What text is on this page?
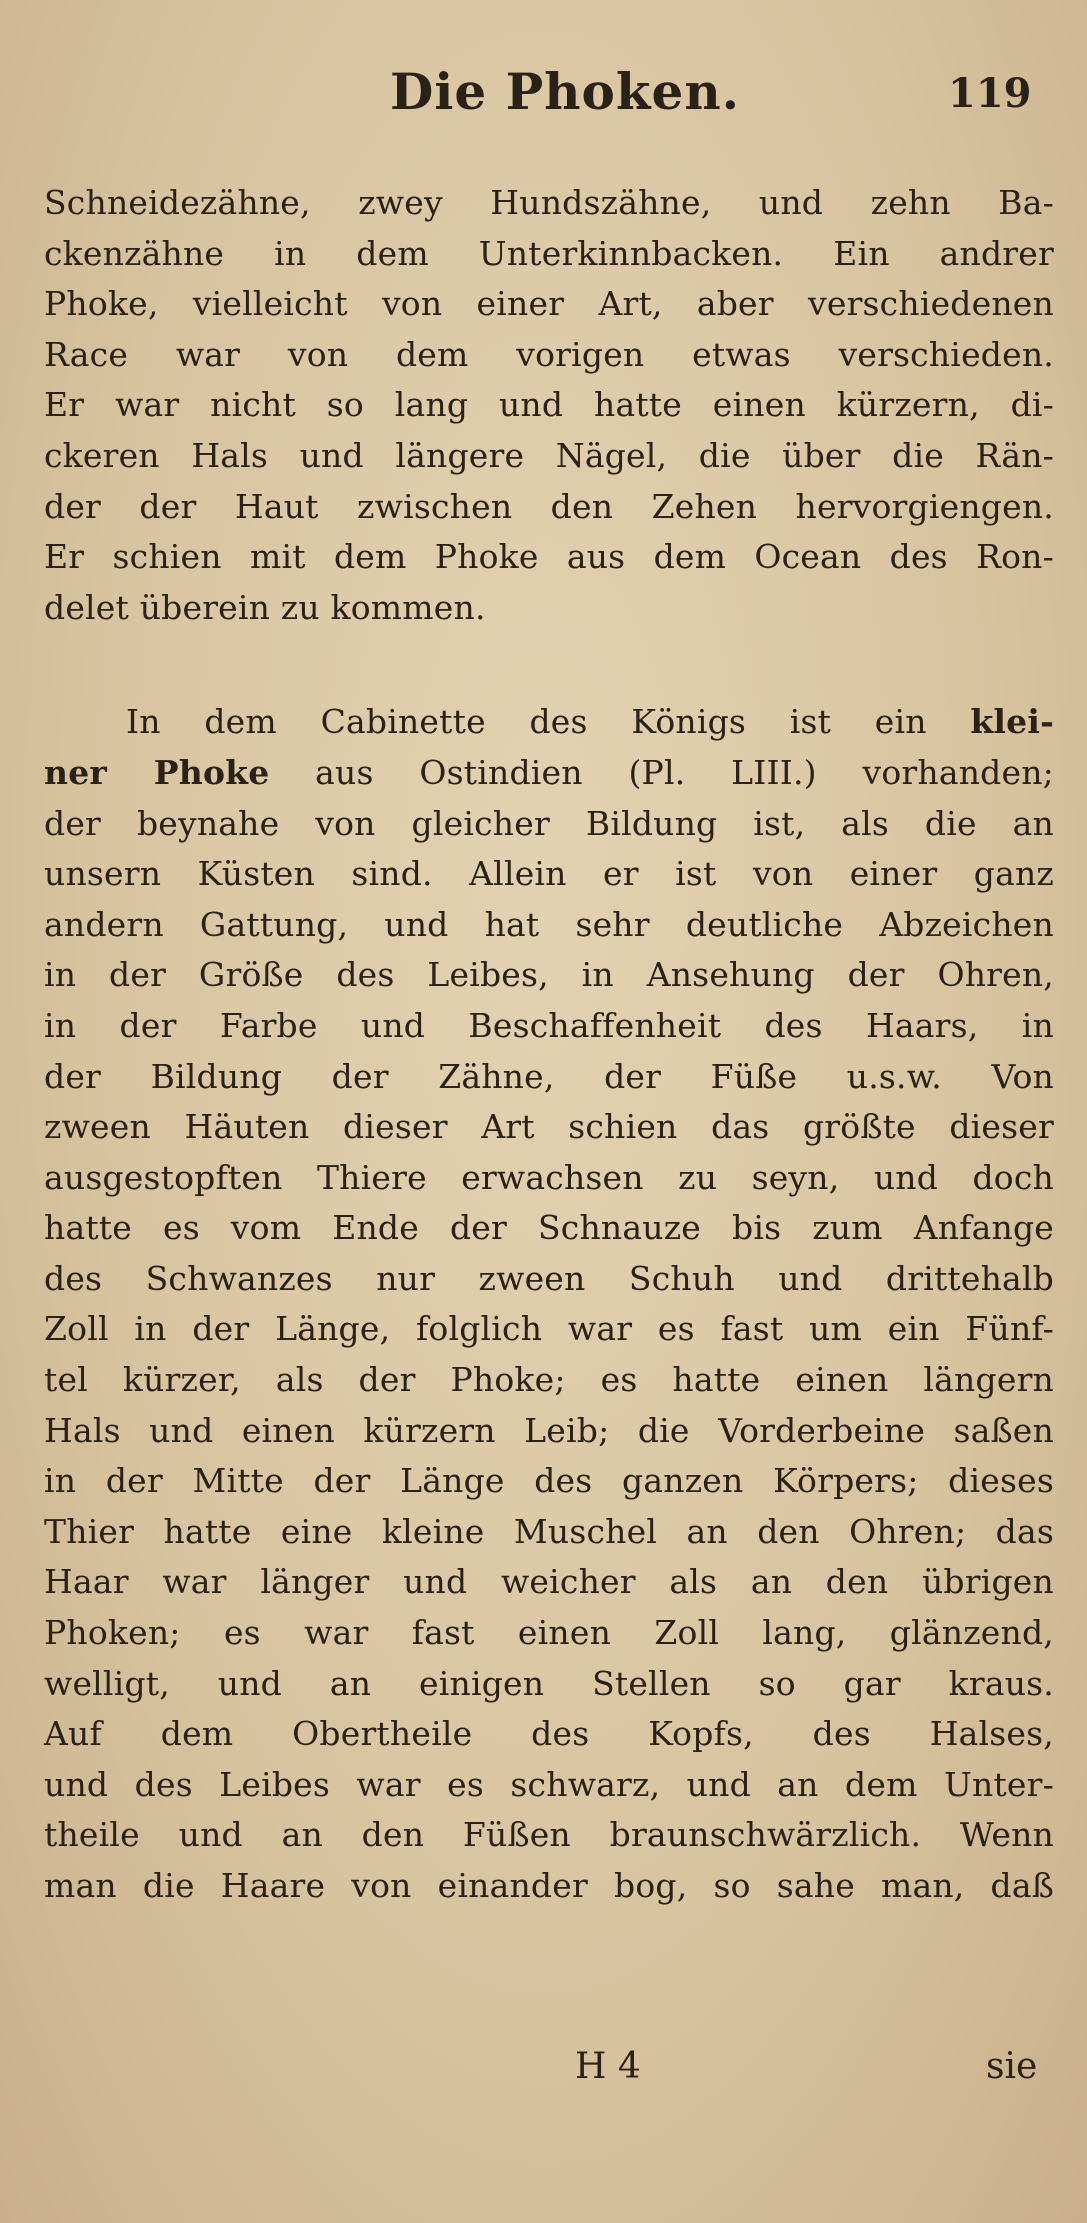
Die Phoken.	119
Schneidezähne, zwey Hundszähne, und zehn Ba-
ckenzähne in dem Unterkinnbacken. Ein andrer
Phoke, vielleicht von einer Art, aber verschiedenen
Race war von dem vorigen etwas verschieden.
Er war nicht so lang und hatte einen kürzern, di-
ckeren Hals und längere Nägel, die über die Rän-
der der Haut zwischen den Zehen hervorgiengen.
Er schien mit dem Phoke aus dem Ocean des Ron-
delet überein zu kommen.
In dem Cabinette des Königs ist ein klei-
ner Phoke aus Ostindien (Pl. LIII.) vorhanden;
der beynahe von gleicher Bildung ist, als die an
unsern Küsten sind. Allein er ist von einer ganz
andern Gattung, und hat sehr deutliche Abzeichen
in der Größe des Leibes, in Ansehung der Ohren,
in der Farbe und Beschaffenheit des Haars, in
der Bildung der Zähne, der Füße u.s.w. Von
zween Häuten dieser Art schien das größte dieser
ausgestopften Thiere erwachsen zu seyn, und doch
hatte es vom Ende der Schnauze bis zum Anfange
des Schwanzes nur zween Schuh und drittehalb
Zoll in der Länge, folglich war es fast um ein Fünf-
tel kürzer, als der Phoke; es hatte einen längern
Hals und einen kürzern Leib; die Vorderbeine saßen
in der Mitte der Länge des ganzen Körpers; dieses
Thier hatte eine kleine Muschel an den Ohren; das
Haar war länger und weicher als an den übrigen
Phoken; es war fast einen Zoll lang, glänzend,
welligt, und an einigen Stellen so gar kraus.
Auf dem Obertheile des Kopfs, des Halses,
und des Leibes war es schwarz, und an dem Unter-
theile und an den Füßen braunschwärzlich. Wenn
man die Haare von einander bog, so sahe man, daß
H 4	sie
